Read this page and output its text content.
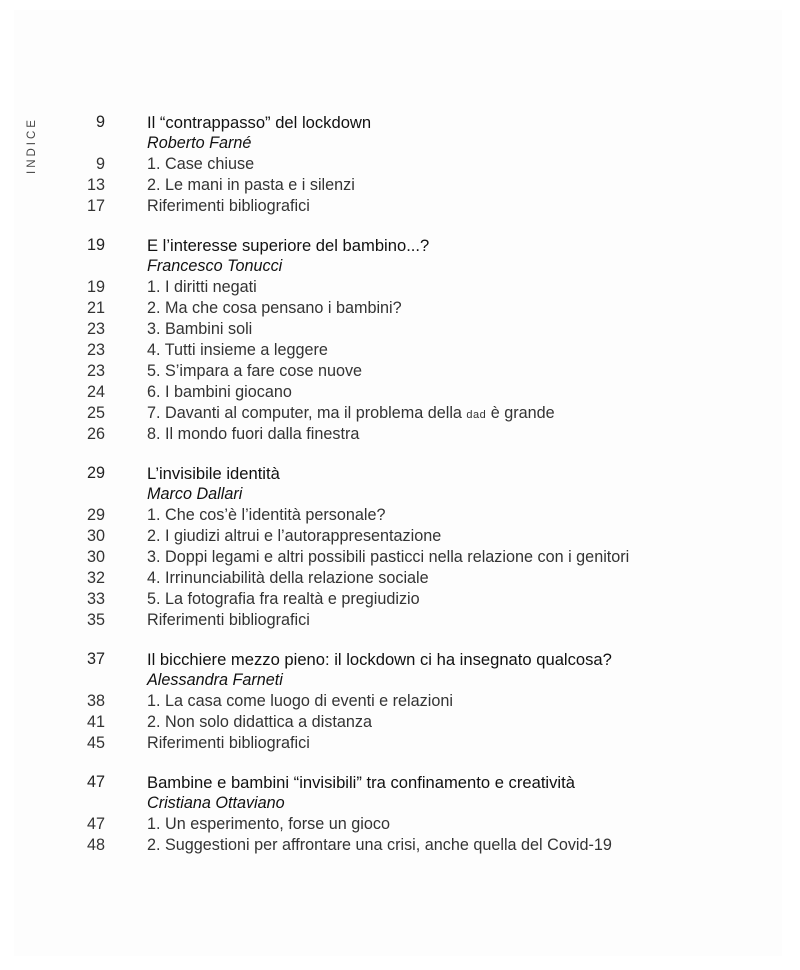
INDICE	9	Il “contrappasso” del lockdown
Roberto Farné
9	1. Case chiuse
13	2. Le mani in pasta e i silenzi
17	Riferimenti bibliografici
19	E l’interesse superiore del bambino...?
Francesco Tonucci
19	1. I diritti negati
21	2. Ma che cosa pensano i bambini?
23	3. Bambini soli
23	4. Tutti insieme a leggere
23	5. S’impara a fare cose nuove
24	6. I bambini giocano
25	7. Davanti al computer, ma il problema della dad è grande
26	8. Il mondo fuori dalla finestra
29	L’invisibile identità
Marco Dallari
29	1. Che cos’è l’identità personale?
30	2. I giudizi altrui e l’autorappresentazione
30	3. Doppi legami e altri possibili pasticci nella relazione con i genitori
32	4. Irrinunciabilità della relazione sociale
33	5. La fotografia fra realtà e pregiudizio
35	Riferimenti bibliografici
37	Il bicchiere mezzo pieno: il lockdown ci ha insegnato qualcosa?
Alessandra Farneti
38	1. La casa come luogo di eventi e relazioni
41	2. Non solo didattica a distanza
45	Riferimenti bibliografici
47	Bambine e bambini “invisibili” tra confinamento e creatività
Cristiana Ottaviano
47	1. Un esperimento, forse un gioco
48	2. Suggestioni per affrontare una crisi, anche quella del Covid-19
